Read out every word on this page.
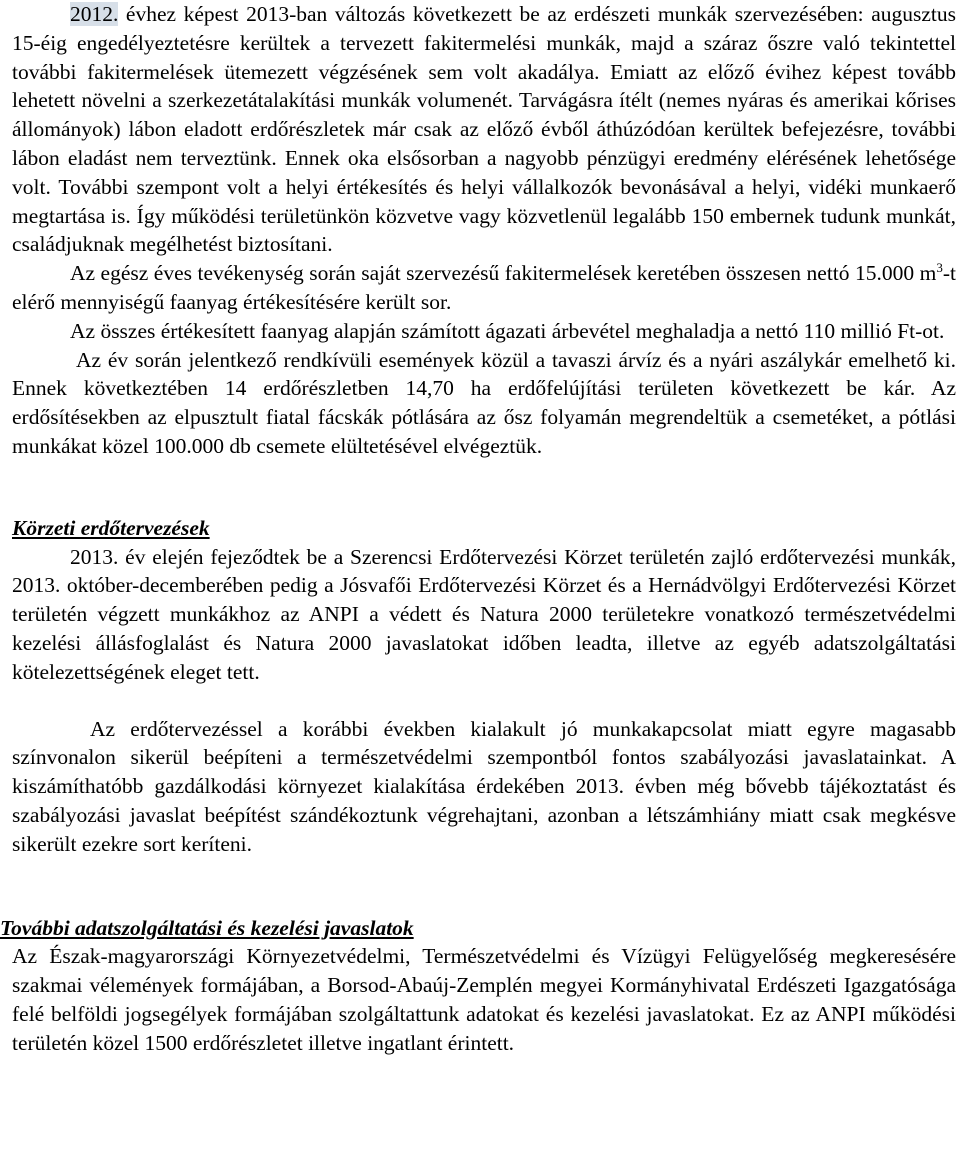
2012. évhez képest 2013-ban változás következett be az erdészeti munkák szervezésében: augusztus 15-éig engedélyeztetésre kerültek a tervezett fakitermelési munkák, majd a száraz őszre való tekintettel további fakitermelések ütemezett végzésének sem volt akadálya. Emiatt az előző évihez képest tovább lehetett növelni a szerkezetátalakítási munkák volumenét. Tarvágásra ítélt (nemes nyáras és amerikai kőrises állományok) lábon eladott erdőrészletek már csak az előző évből áthúzódóan kerültek befejezésre, további lábon eladást nem terveztünk. Ennek oka elsősorban a nagyobb pénzügyi eredmény elérésének lehetősége volt. További szempont volt a helyi értékesítés és helyi vállalkozók bevonásával a helyi, vidéki munkaerő megtartása is. Így működési területünkön közvetve vagy közvetlenül legalább 150 embernek tudunk munkát, családjuknak megélhetést biztosítani.

Az egész éves tevékenység során saját szervezésű fakitermelések keretében összesen nettó 15.000 $m^3-t$ elérő mennyiségű faanyag értékesítésére került sor.

Az összes értékesített faanyag alapján számított ágazati árbevétel meghaladja a nettó 110 millió Ft-ot.

Az év során jelentkező rendkívüli események közül a tavaszi árvíz és a nyári aszálykár emelhető ki. Ennek következtében 14 erdőrészletben 14,70 ha erdőfelújítási területen következett be kár. Az erdősítésekben az elpusztult fiatal fácskák pótlására az ősz folyamán megrendeltük a csemetéket, a pótlási munkákat közel 100.000 db csemete elültetésével elvégeztük.

Körzeti erdőtervezések

2013. év elején fejeződtek be a Szerencsi Erdőtervezési Körzet területén zajló erdőtervezési munkák, 2013. október-decemberében pedig a Jósvafői Erdőtervezési Körzet és a Hernádvölgyi Erdőtervezési Körzet területén végzett munkákhoz az ANPI a védett és Natura 2000 területekre vonatkozó természetvédelmi kezelési állásfoglalást és Natura 2000 javaslatokat időben leadta, illetve az egyéb adatszolgáltatási kötelezettségének eleget tett.

Az erdőtervezéssel a korábbi években kialakult jó munkakapcsolat miatt egyre magasabb színvonalon sikerül beépíteni a természetvédelmi szempontból fontos szabályozási javaslatainkat. A kiszámíthatóbb gazdálkodási környezet kialakítása érdekében 2013. évben még bővebb tájékoztatást és szabályozási javaslat beépítést szándékoztunk végrehajtani, azonban a létszámhiány miatt csak megkésve sikerült ezekre sort keríteni.

További adatszolgáltatási és kezelési javaslatok

Az Észak-magyarországi Környezetvédelmi, Természetvédelmi és Vízügyi Felügyelőség megkeresésére szakmai vélemények formájában, a Borsod-Abaúj-Zemplén megyei Kormányhivatal Erdészeti Igazgatósága felé belföldi jogsegélyek formájában szolgáltattunk adatokat és kezelési javaslatokat. Ez az ANPI működési területén közel 1500 erdőrészletet illetve ingatlant érintett.
